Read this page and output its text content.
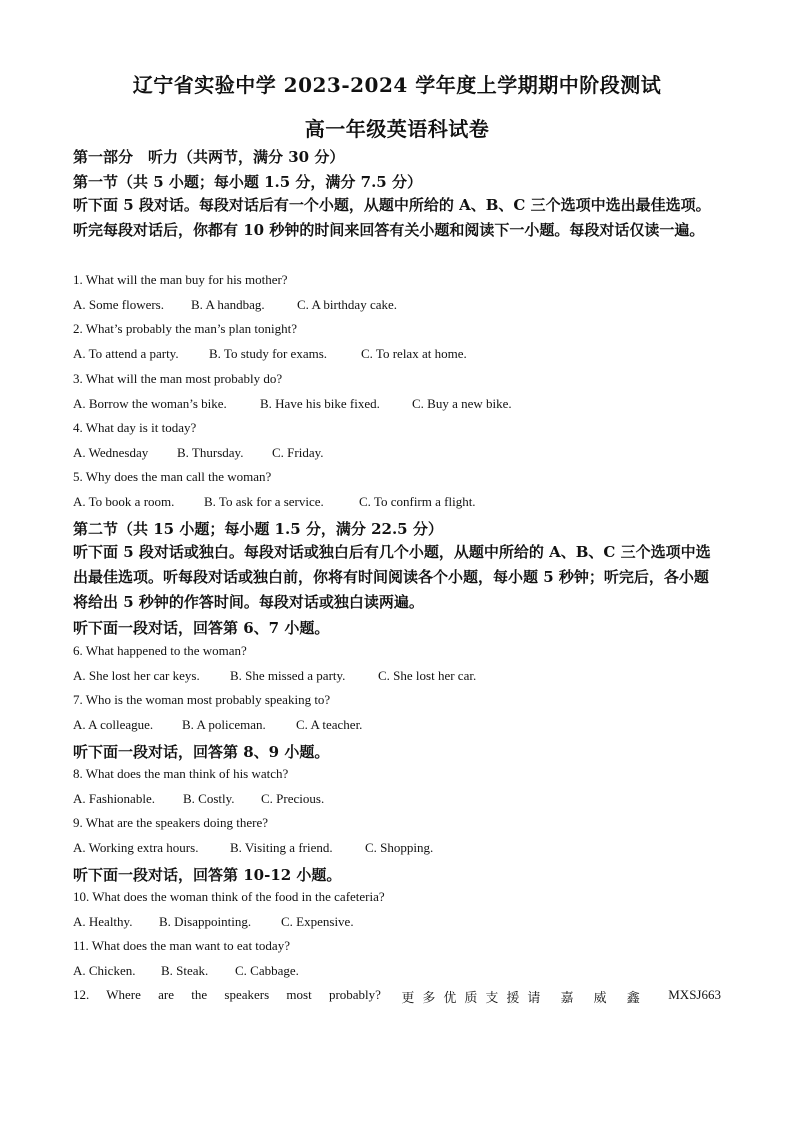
辽宁省实验中学 2023-2024 学年度上学期期中阶段测试
高一年级英语科试卷
第一部分　听力（共两节，满分 30 分）
第一节（共 5 小题；每小题 1.5 分，满分 7.5 分）
听下面 5 段对话。每段对话后有一个小题，从题中所给的 A、B、C 三个选项中选出最佳选项。听完每段对话后，你都有 10 秒钟的时间来回答有关小题和阅读下一小题。每段对话仅读一遍。
1. What will the man buy for his mother?
A. Some flowers. B. A handbag. C. A birthday cake.
2. What’s probably the man’s plan tonight?
A. To attend a party. B. To study for exams.	C. To relax at home.
3. What will the man most probably do?
A. Borrow the woman’s bike.	B. Have his bike fixed. C. Buy a new bike.
4. What day is it today?
A. Wednesday B. Thursday. C. Friday.
5. Why does the man call the woman?
A. To book a room. B. To ask for a service.	C. To confirm a flight.
第二节（共 15 小题；每小题 1.5 分，满分 22.5 分）
听下面 5 段对话或独白。每段对话或独白后有几个小题，从题中所给的 A、B、C 三个选项中选出最佳选项。听每段对话或独白前，你将有时间阅读各个小题，每小题 5 秒钟；听完后，各小题将给出 5 秒钟的作答时间。每段对话或独白读两遍。
听下面一段对话，回答第 6、7 小题。
6. What happened to the woman?
A. She lost her car keys. B. She missed a party.	C. She lost her car.
7. Who is the woman most probably speaking to?
A. A colleague. B. A policeman. C. A teacher.
听下面一段对话，回答第 8、9 小题。
8. What does the man think of his watch?
A. Fashionable. B. Costly. C. Precious.
9. What are the speakers doing there?
A. Working extra hours. B. Visiting a friend. C. Shopping.
听下面一段对话，回答第 10-12 小题。
10. What does the woman think of the food in the cafeteria?
A. Healthy. B. Disappointing. C. Expensive.
11. What does the man want to eat today?
A. Chicken. B. Steak. C. Cabbage.
12. Where are the speakers most probably? 更多优质支援请 嘉 威 鑫 MXSJ663
